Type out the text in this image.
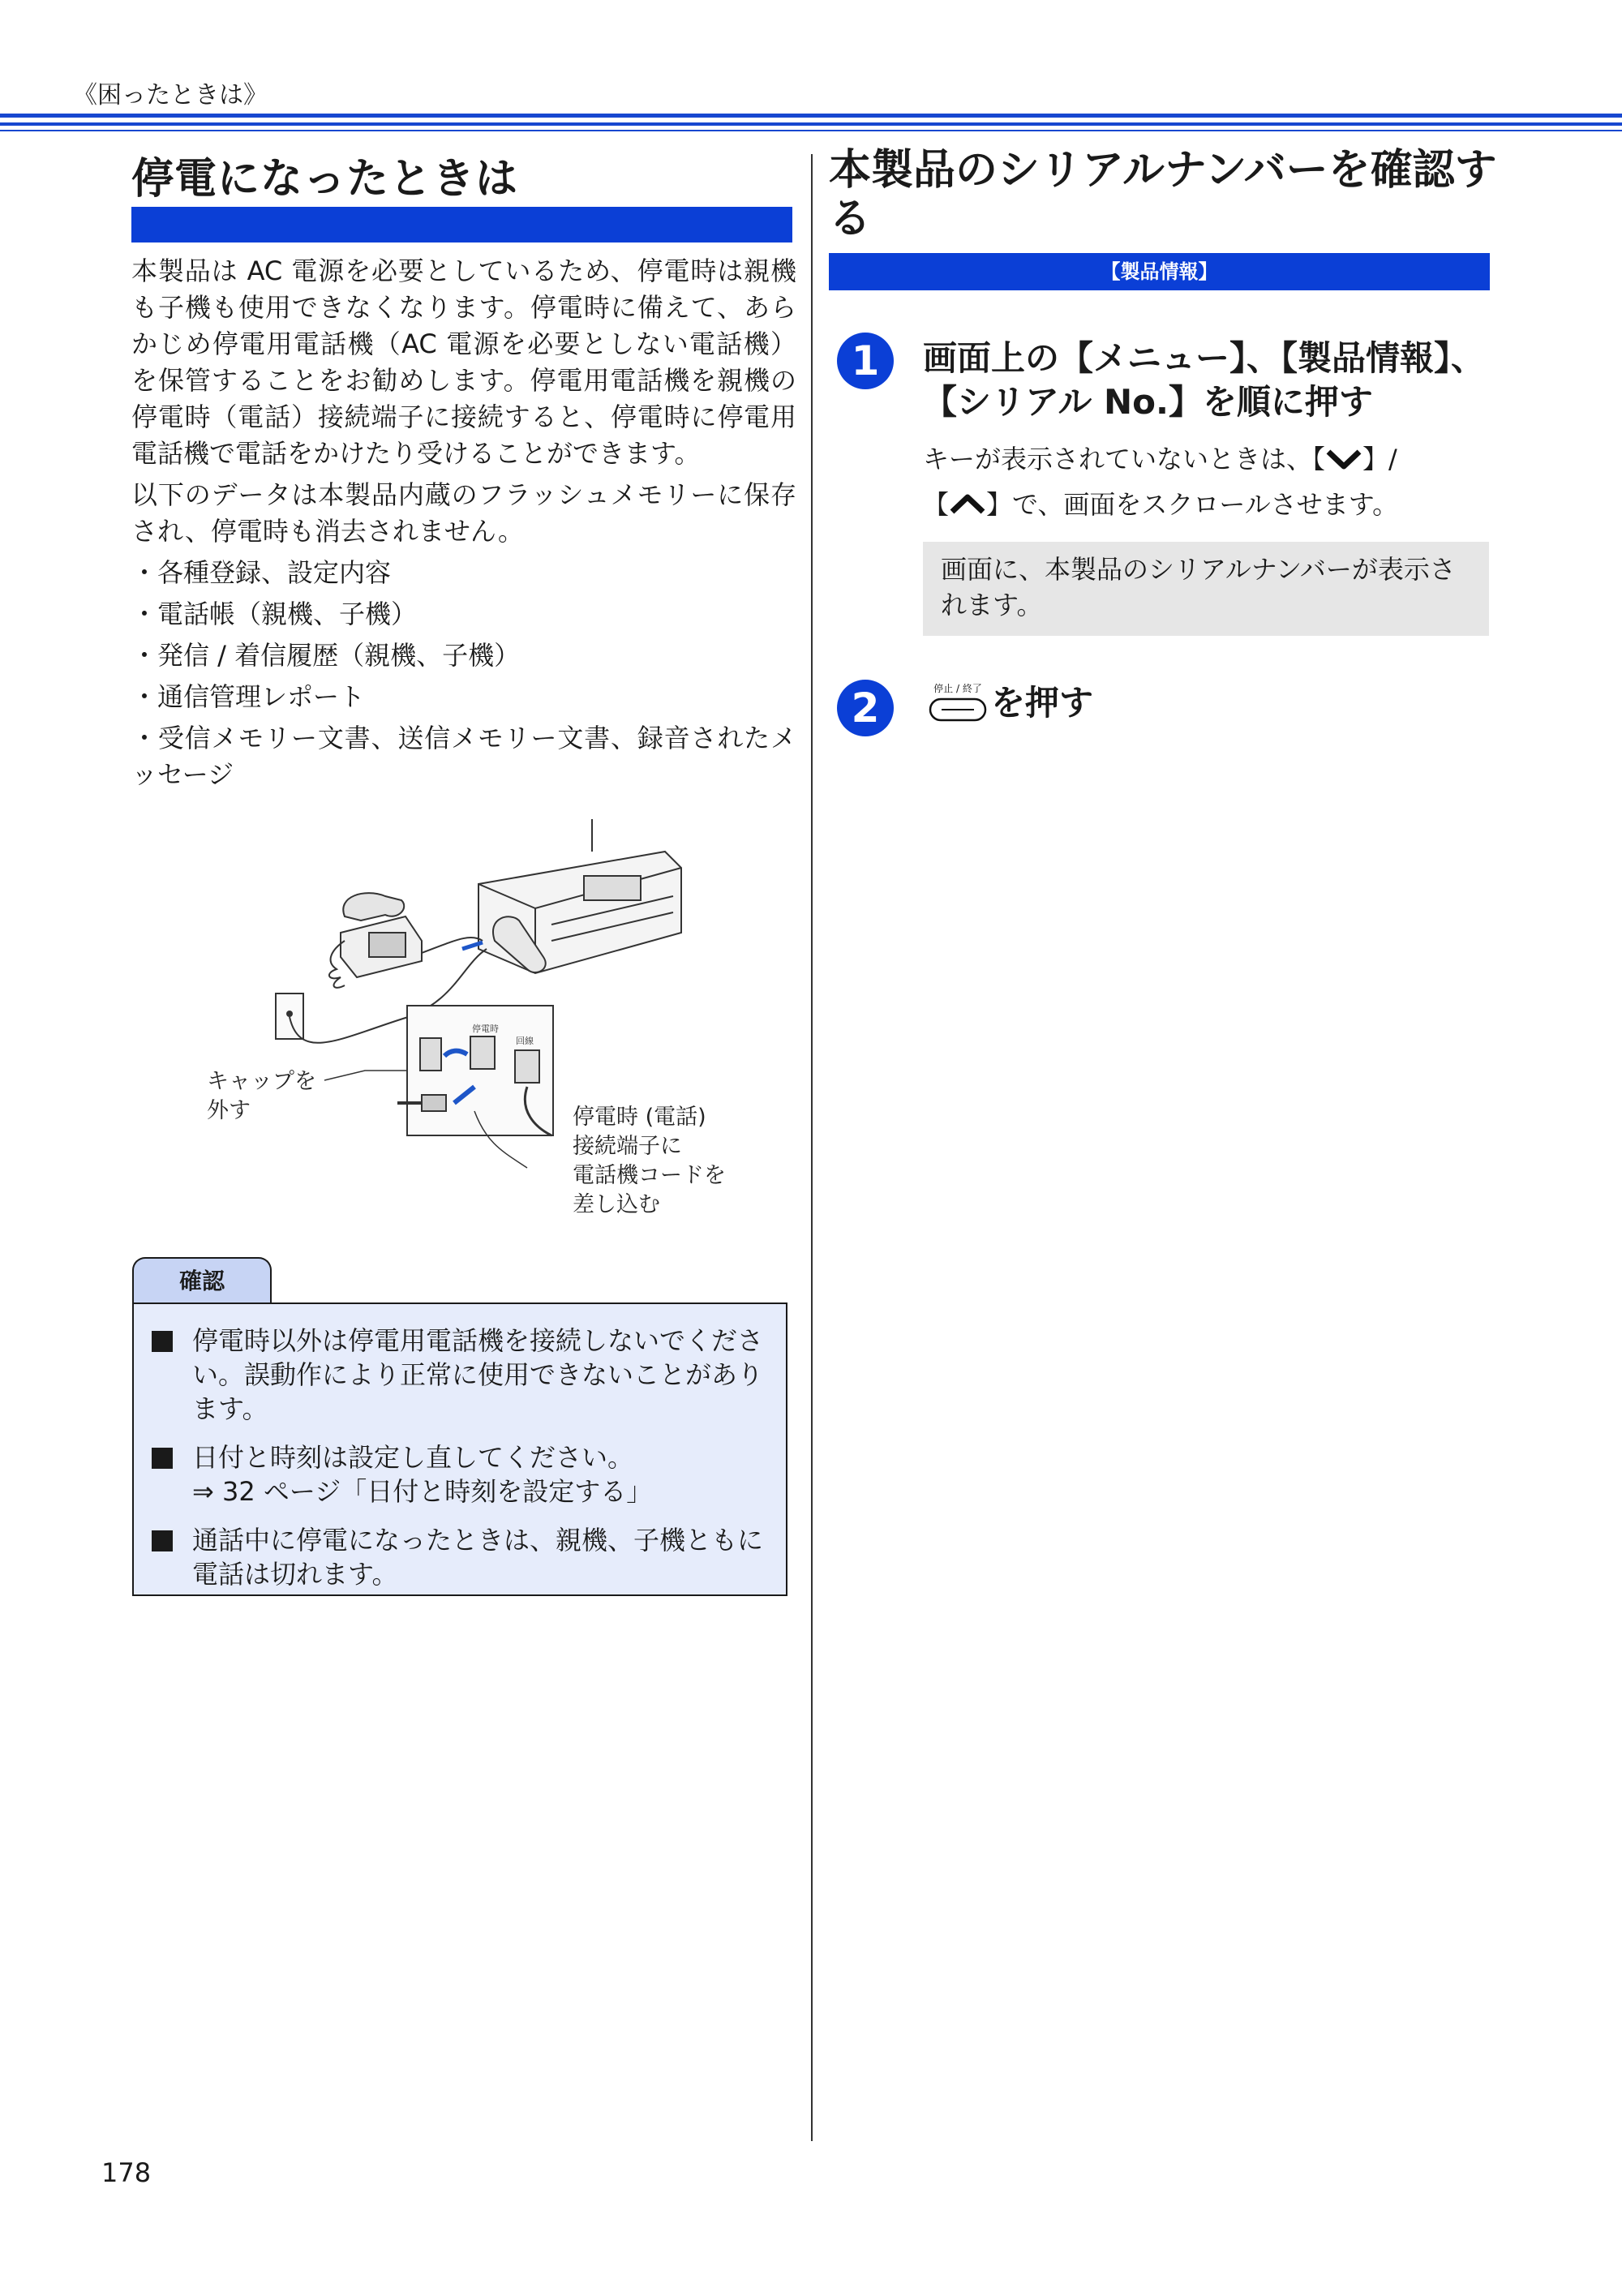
《困ったときは》
停電になったときは

本製品は AC 電源を必要としているため、停電時は親機も子機も使用できなくなります。停電時に備えて、あらかじめ停電用電話機（AC 電源を必要としない電話機）を保管することをお勧めします。停電用電話機を親機の停電時（電話）接続端子に接続すると、停電時に停電用電話機で電話をかけたり受けることができます。

以下のデータは本製品内蔵のフラッシュメモリーに保存され、停電時も消去されません。

・各種登録、設定内容
・電話帳（親機、子機）
・発信 / 着信履歴（親機、子機）
・通信管理レポート
・受信メモリー文書、送信メモリー文書、録音されたメッセージ
停電時
回線
キャップを
外す	停電時 (電話)
接続端子に
電話機コードを
差し込む
確認
停電時以外は停電用電話機を接続しないでください。誤動作により正常に使用できないことがあります。
日付と時刻は設定し直してください。
⇒ 32 ページ「日付と時刻を設定する」
通話中に停電になったときは、親機、子機ともに電話は切れます。
本製品のシリアルナンバーを確認する
【製品情報】
1	画面上の【メニュー】、【製品情報】、
【シリアル No.】を順に押す
キーが表示されていないときは、【 】/
【 】で、画面をスクロールさせます。
画面に、本製品のシリアルナンバーが表示されます。
2	停止 / 終了 を押す
178
